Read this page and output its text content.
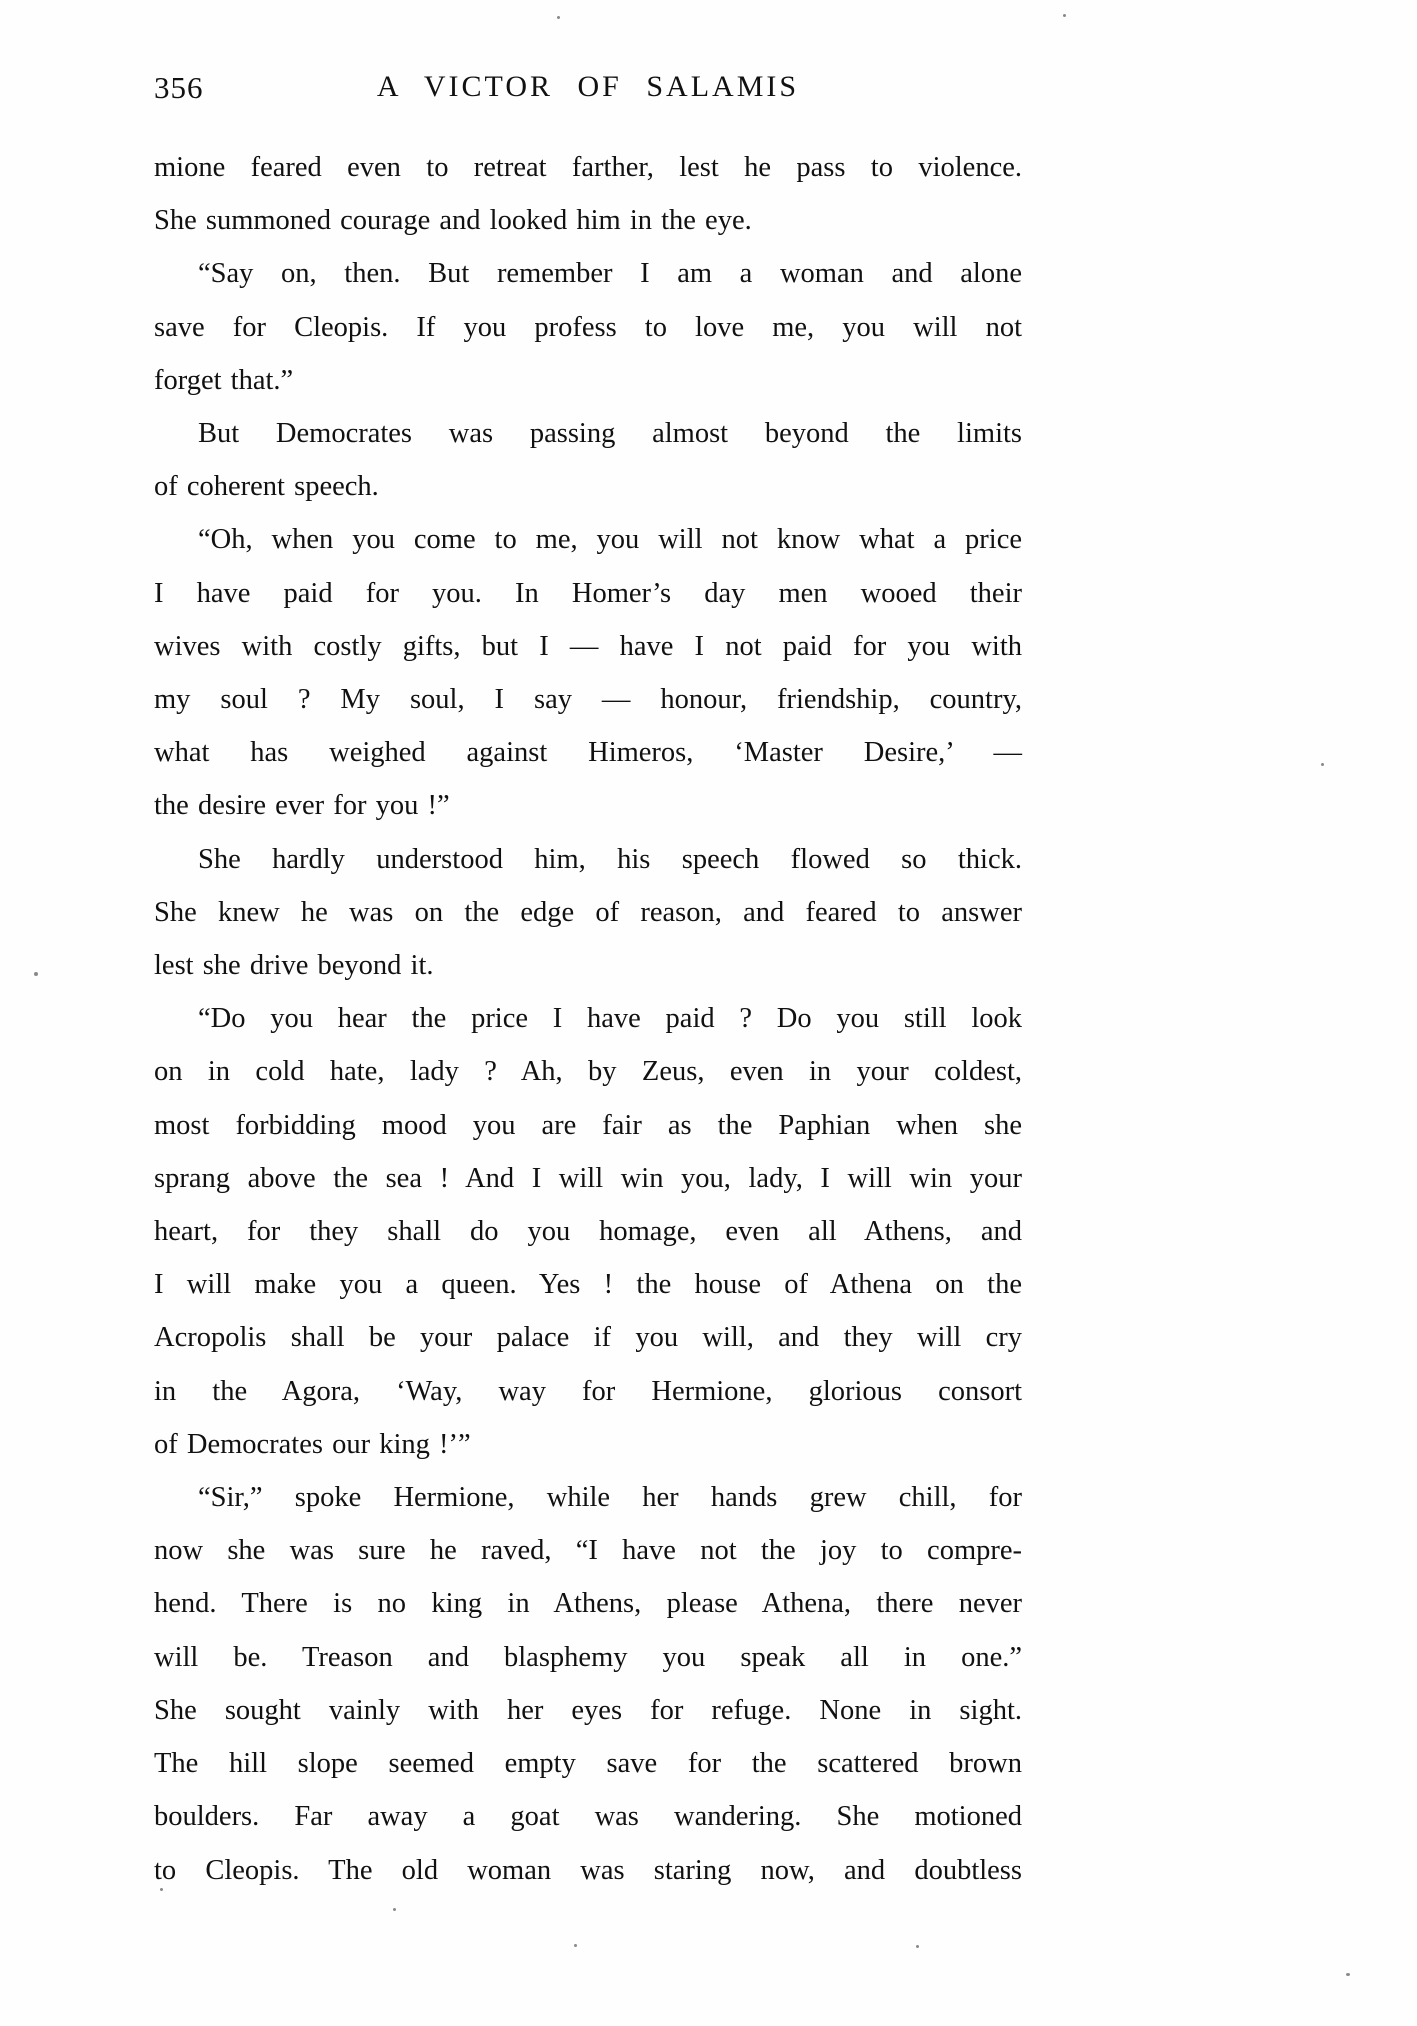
356	A VICTOR OF SALAMIS
mione feared even to retreat farther, lest he pass to violence.
She summoned courage and looked him in the eye.
“Say on, then. But remember I am a woman and alone
save for Cleopis. If you profess to love me, you will not
forget that.”
But Democrates was passing almost beyond the limits
of coherent speech.
“Oh, when you come to me, you will not know what a price
I have paid for you. In Homer’s day men wooed their
wives with costly gifts, but I — have I not paid for you with
my soul ? My soul, I say — honour, friendship, country,
what has weighed against Himeros, ‘Master Desire,’ —
the desire ever for you !”
She hardly understood him, his speech flowed so thick.
She knew he was on the edge of reason, and feared to answer
lest she drive beyond it.
“Do you hear the price I have paid ? Do you still look
on in cold hate, lady ? Ah, by Zeus, even in your coldest,
most forbidding mood you are fair as the Paphian when she
sprang above the sea ! And I will win you, lady, I will win your
heart, for they shall do you homage, even all Athens, and
I will make you a queen. Yes ! the house of Athena on the
Acropolis shall be your palace if you will, and they will cry
in the Agora, ‘Way, way for Hermione, glorious consort
of Democrates our king !’”
“Sir,” spoke Hermione, while her hands grew chill, for
now she was sure he raved, “I have not the joy to compre-
hend. There is no king in Athens, please Athena, there never
will be. Treason and blasphemy you speak all in one.”
She sought vainly with her eyes for refuge. None in sight.
The hill slope seemed empty save for the scattered brown
boulders. Far away a goat was wandering. She motioned
to Cleopis. The old woman was staring now, and doubtless
